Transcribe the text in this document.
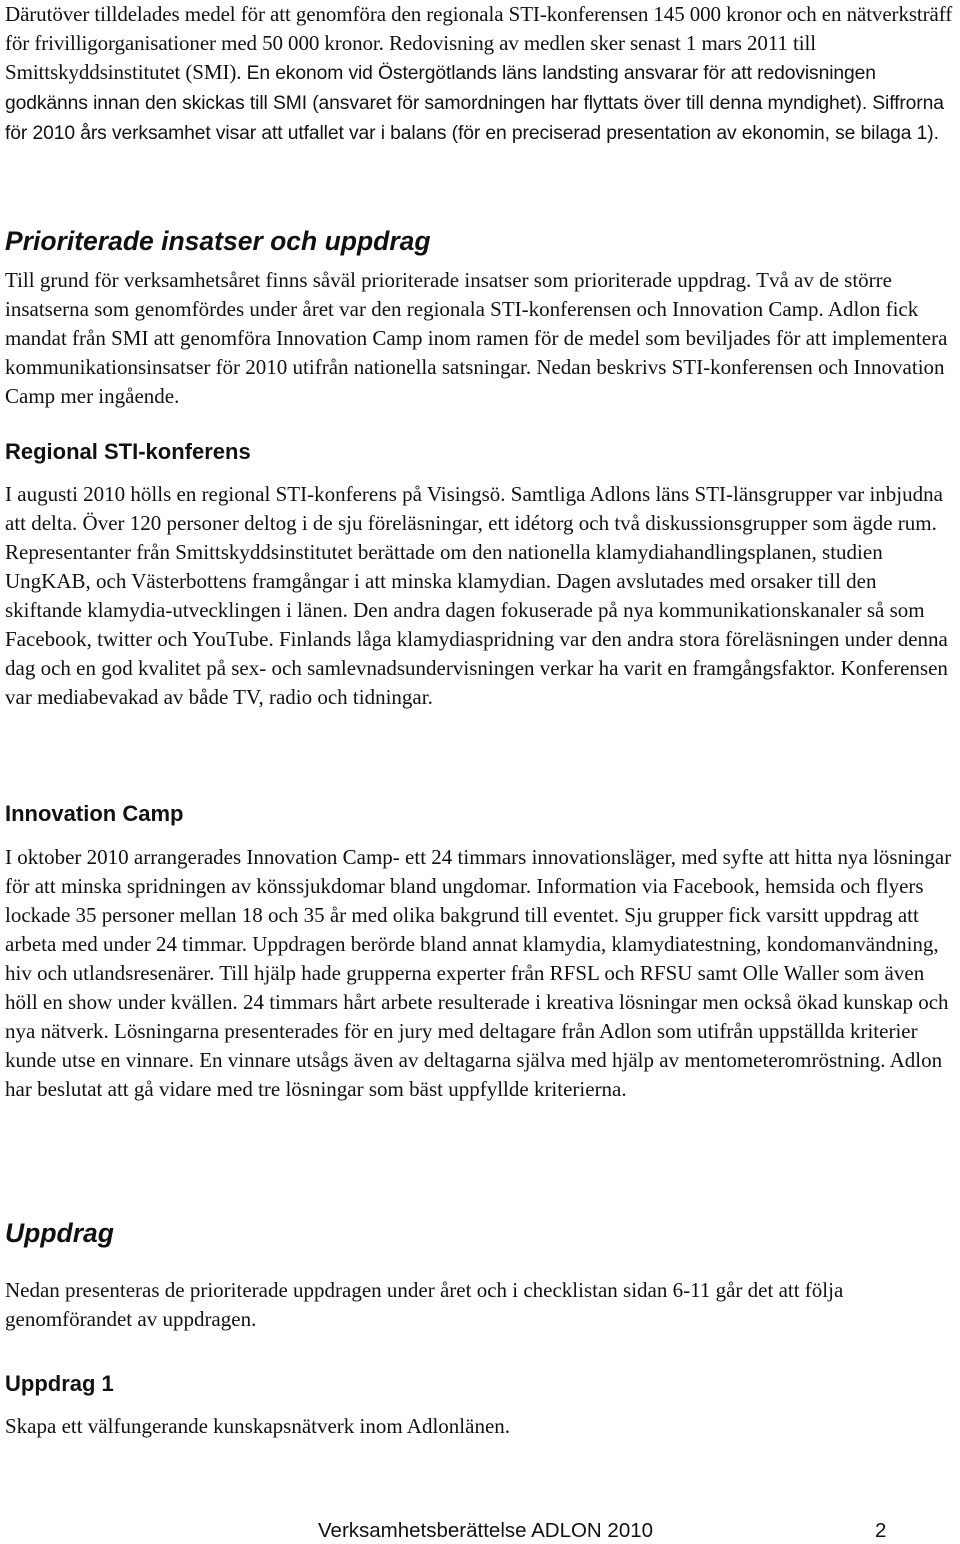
Därutöver tilldelades medel för att genomföra den regionala STI-konferensen 145 000 kronor och en nätverksträff för frivilligorganisationer med 50 000 kronor. Redovisning av medlen sker senast 1 mars 2011 till Smittskyddsinstitutet (SMI). En ekonom vid Östergötlands läns landsting ansvarar för att redovisningen godkänns innan den skickas till SMI (ansvaret för samordningen har flyttats över till denna myndighet). Siffrorna för 2010 års verksamhet visar att utfallet var i balans (för en preciserad presentation av ekonomin, se bilaga 1).

Prioriterade insatser och uppdrag

Till grund för verksamhetsåret finns såväl prioriterade insatser som prioriterade uppdrag. Två av de större insatserna som genomfördes under året var den regionala STI-konferensen och Innovation Camp. Adlon fick mandat från SMI att genomföra Innovation Camp inom ramen för de medel som beviljades för att implementera kommunikationsinsatser för 2010 utifrån nationella satsningar. Nedan beskrivs STI-konferensen och Innovation Camp mer ingående.

Regional STI-konferens

I augusti 2010 hölls en regional STI-konferens på Visingsö. Samtliga Adlons läns STI-länsgrupper var inbjudna att delta. Över 120 personer deltog i de sju föreläsningar, ett idétorg och två diskussionsgrupper som ägde rum. Representanter från Smittskyddsinstitutet berättade om den nationella klamydiahandlingsplanen, studien UngKAB, och Västerbottens framgångar i att minska klamydian. Dagen avslutades med orsaker till den skiftande klamydia-utvecklingen i länen. Den andra dagen fokuserade på nya kommunikationskanaler så som Facebook, twitter och YouTube. Finlands låga klamydiaspridning var den andra stora föreläsningen under denna dag och en god kvalitet på sex- och samlevnadsundervisningen verkar ha varit en framgångsfaktor. Konferensen var mediabevakad av både TV, radio och tidningar.

Innovation Camp

I oktober 2010 arrangerades Innovation Camp- ett 24 timmars innovationsläger, med syfte att hitta nya lösningar för att minska spridningen av könssjukdomar bland ungdomar. Information via Facebook, hemsida och flyers lockade 35 personer mellan 18 och 35 år med olika bakgrund till eventet. Sju grupper fick varsitt uppdrag att arbeta med under 24 timmar. Uppdragen berörde bland annat klamydia, klamydiatestning, kondomanvändning, hiv och utlandsresenärer. Till hjälp hade grupperna experter från RFSL och RFSU samt Olle Waller som även höll en show under kvällen. 24 timmars hårt arbete resulterade i kreativa lösningar men också ökad kunskap och nya nätverk. Lösningarna presenterades för en jury med deltagare från Adlon som utifrån uppställda kriterier kunde utse en vinnare. En vinnare utsågs även av deltagarna själva med hjälp av mentometeromröstning. Adlon har beslutat att gå vidare med tre lösningar som bäst uppfyllde kriterierna.

Uppdrag

Nedan presenteras de prioriterade uppdragen under året och i checklistan sidan 6-11 går det att följa genomförandet av uppdragen.

Uppdrag 1

Skapa ett välfungerande kunskapsnätverk inom Adlonlänen.

Verksamhetsberättelse ADLON 2010	2
